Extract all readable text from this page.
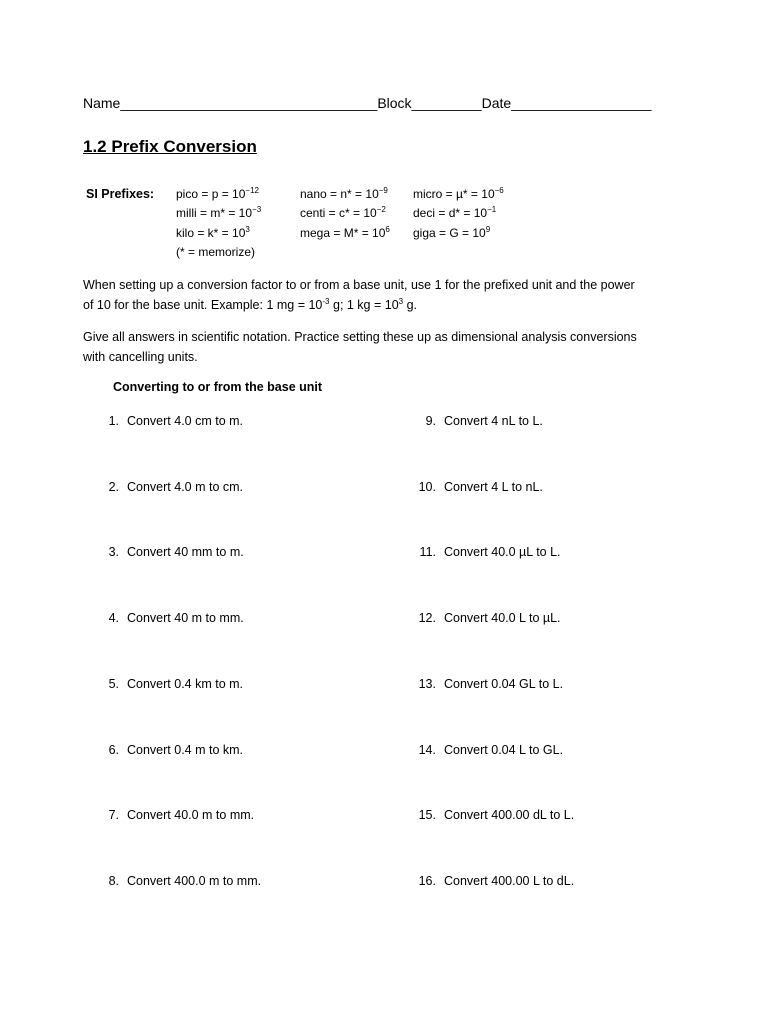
Name_________________________________Block_________Date__________________
1.2 Prefix Conversion
SI Prefixes: pico = $p = 10^{-12}$	nano = $n* = 10^{-9}$ micro = $\mu* = 10^{-6}$
milli = $m* = 10^{-3}$	centi = $c* = 10^{-2}$ deci = $d* = 10^{-1}$
kilo = $k* = 10^3$	mega = $M* = 10^6$ giga = $G = 10^9$
(* = memorize)
When setting up a conversion factor to or from a base unit, use 1 for the prefixed unit and the power
of 10 for the base unit. Example: 1 mg = $10^{-3}$ g; 1 kg = $10^3$ g.
Give all answers in scientific notation. Practice setting these up as dimensional analysis conversions
with cancelling units.
Converting to or from the base unit
1. Convert 4.0 cm to m.
2. Convert 4.0 m to cm.
3. Convert 40 mm to m.
4. Convert 40 m to mm.
5. Convert 0.4 km to m.
6. Convert 0.4 m to km.
7. Convert 40.0 m to mm.
8. Convert 400.0 m to mm.
9. Convert 4 nL to L.
10. Convert 4 L to nL.
11. Convert 40.0 µL to L.
12. Convert 40.0 L to µL.
13. Convert 0.04 GL to L.
14. Convert 0.04 L to GL.
15. Convert 400.00 dL to L.
16. Convert 400.00 L to dL.
